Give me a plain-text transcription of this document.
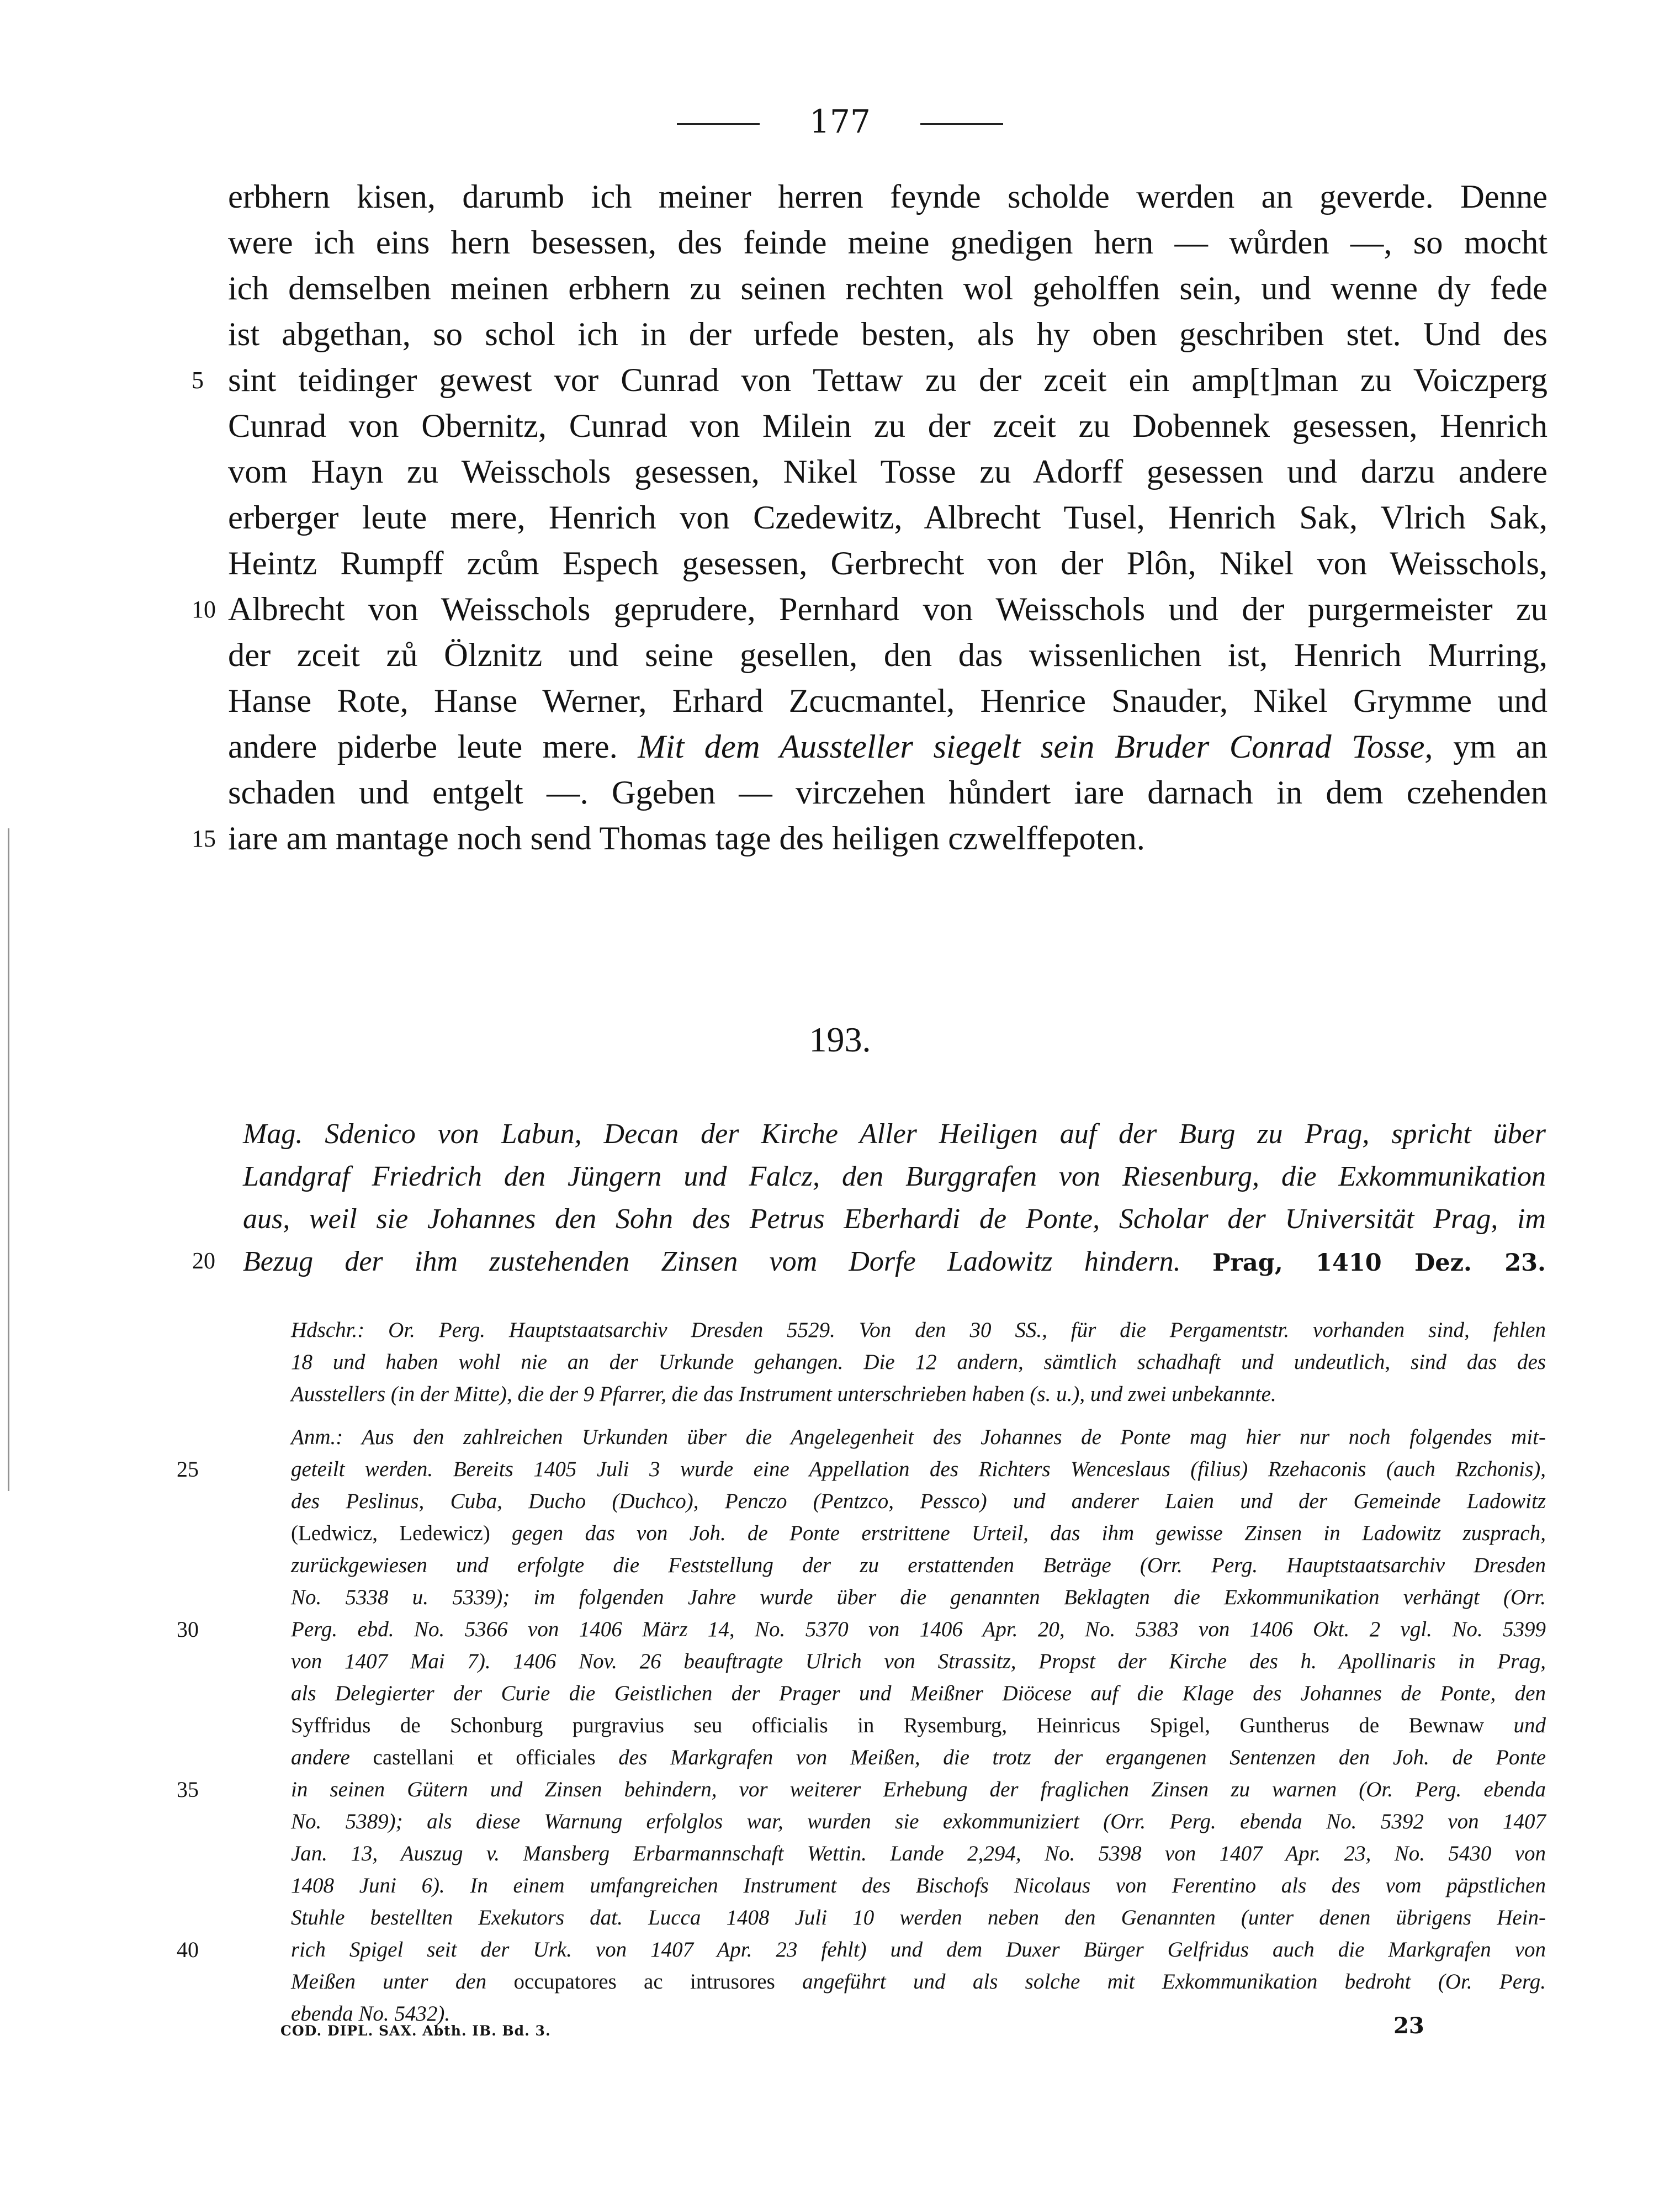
177
erbhern kisen, darumb ich meiner herren feynde scholde werden an geverde. Denne
were ich eins hern besessen, des feinde meine gnedigen hern — wůrden —, so mocht
ich demselben meinen erbhern zu seinen rechten wol geholffen sein, und wenne dy fede
ist abgethan, so schol ich in der urfede besten, als hy oben geschriben stet. Und des
5 sint teidinger gewest vor Cunrad von Tettaw zu der zceit ein amp[t]man zu Voiczperg
Cunrad von Obernitz, Cunrad von Milein zu der zceit zu Dobennek gesessen, Henrich
vom Hayn zu Weisschols gesessen, Nikel Tosse zu Adorff gesessen und darzu andere
erberger leute mere, Henrich von Czedewitz, Albrecht Tusel, Henrich Sak, Vlrich Sak,
Heintz Rumpff zcům Espech gesessen, Gerbrecht von der Plôn, Nikel von Weisschols,
10 Albrecht von Weisschols geprudere, Pernhard von Weisschols und der purgermeister zu
der zceit zů Ölznitz und seine gesellen, den das wissenlichen ist, Henrich Murring,
Hanse Rote, Hanse Werner, Erhard Zcucmantel, Henrice Snauder, Nikel Grymme und
andere piderbe leute mere. Mit dem Aussteller siegelt sein Bruder Conrad Tosse, ym an
schaden und entgelt —. Ggeben — virczehen hůndert iare darnach in dem czehenden
15 iare am mantage noch send Thomas tage des heiligen czwelffepoten.
193.
Mag. Sdenico von Labun, Decan der Kirche Aller Heiligen auf der Burg zu Prag, spricht über
Landgraf Friedrich den Jüngern und Falcz, den Burggrafen von Riesenburg, die Exkommunikation
aus, weil sie Johannes den Sohn des Petrus Eberhardi de Ponte, Scholar der Universität Prag, im
20 Bezug der ihm zustehenden Zinsen vom Dorfe Ladowitz hindern. Prag, 1410 Dez. 23.
Hdschr.: Or. Perg. Hauptstaatsarchiv Dresden 5529. Von den 30 SS., für die Pergamentstr. vorhanden sind, fehlen
18 und haben wohl nie an der Urkunde gehangen. Die 12 andern, sämtlich schadhaft und undeutlich, sind das des
Ausstellers (in der Mitte), die der 9 Pfarrer, die das Instrument unterschrieben haben (s. u.), und zwei unbekannte.
Anm.: Aus den zahlreichen Urkunden über die Angelegenheit des Johannes de Ponte mag hier nur noch folgendes mit-
25	geteilt werden. Bereits 1405 Juli 3 wurde eine Appellation des Richters Wenceslaus (filius) Rzehaconis (auch Rzchonis),
des Peslinus, Cuba, Ducho (Duchco), Penczo (Pentzco, Pessco) und anderer Laien und der Gemeinde Ladowitz
(Ledwicz, Ledewicz) gegen das von Joh. de Ponte erstrittene Urteil, das ihm gewisse Zinsen in Ladowitz zusprach,
zurückgewiesen und erfolgte die Feststellung der zu erstattenden Beträge (Orr. Perg. Hauptstaatsarchiv Dresden
No. 5338 u. 5339); im folgenden Jahre wurde über die genannten Beklagten die Exkommunikation verhängt (Orr.
30	Perg. ebd. No. 5366 von 1406 März 14, No. 5370 von 1406 Apr. 20, No. 5383 von 1406 Okt. 2 vgl. No. 5399
von 1407 Mai 7). 1406 Nov. 26 beauftragte Ulrich von Strassitz, Propst der Kirche des h. Apollinaris in Prag,
als Delegierter der Curie die Geistlichen der Prager und Meißner Diöcese auf die Klage des Johannes de Ponte, den
Syffridus de Schonburg purgravius seu officialis in Rysemburg, Heinricus Spigel, Guntherus de Bewnaw und
andere castellani et officiales des Markgrafen von Meißen, die trotz der ergangenen Sentenzen den Joh. de Ponte
35	in seinen Gütern und Zinsen behindern, vor weiterer Erhebung der fraglichen Zinsen zu warnen (Or. Perg. ebenda
No. 5389); als diese Warnung erfolglos war, wurden sie exkommuniziert (Orr. Perg. ebenda No. 5392 von 1407
Jan. 13, Auszug v. Mansberg Erbarmannschaft Wettin. Lande 2,294, No. 5398 von 1407 Apr. 23, No. 5430 von
1408 Juni 6). In einem umfangreichen Instrument des Bischofs Nicolaus von Ferentino als des vom päpstlichen
Stuhle bestellten Exekutors dat. Lucca 1408 Juli 10 werden neben den Genannten (unter denen übrigens Hein-
40	rich Spigel seit der Urk. von 1407 Apr. 23 fehlt) und dem Duxer Bürger Gelfridus auch die Markgrafen von
Meißen unter den occupatores ac intrusores angeführt und als solche mit Exkommunikation bedroht (Or. Perg.
ebenda No. 5432).
COD. DIPL. SAX. Abth. IB. Bd. 3.	23
